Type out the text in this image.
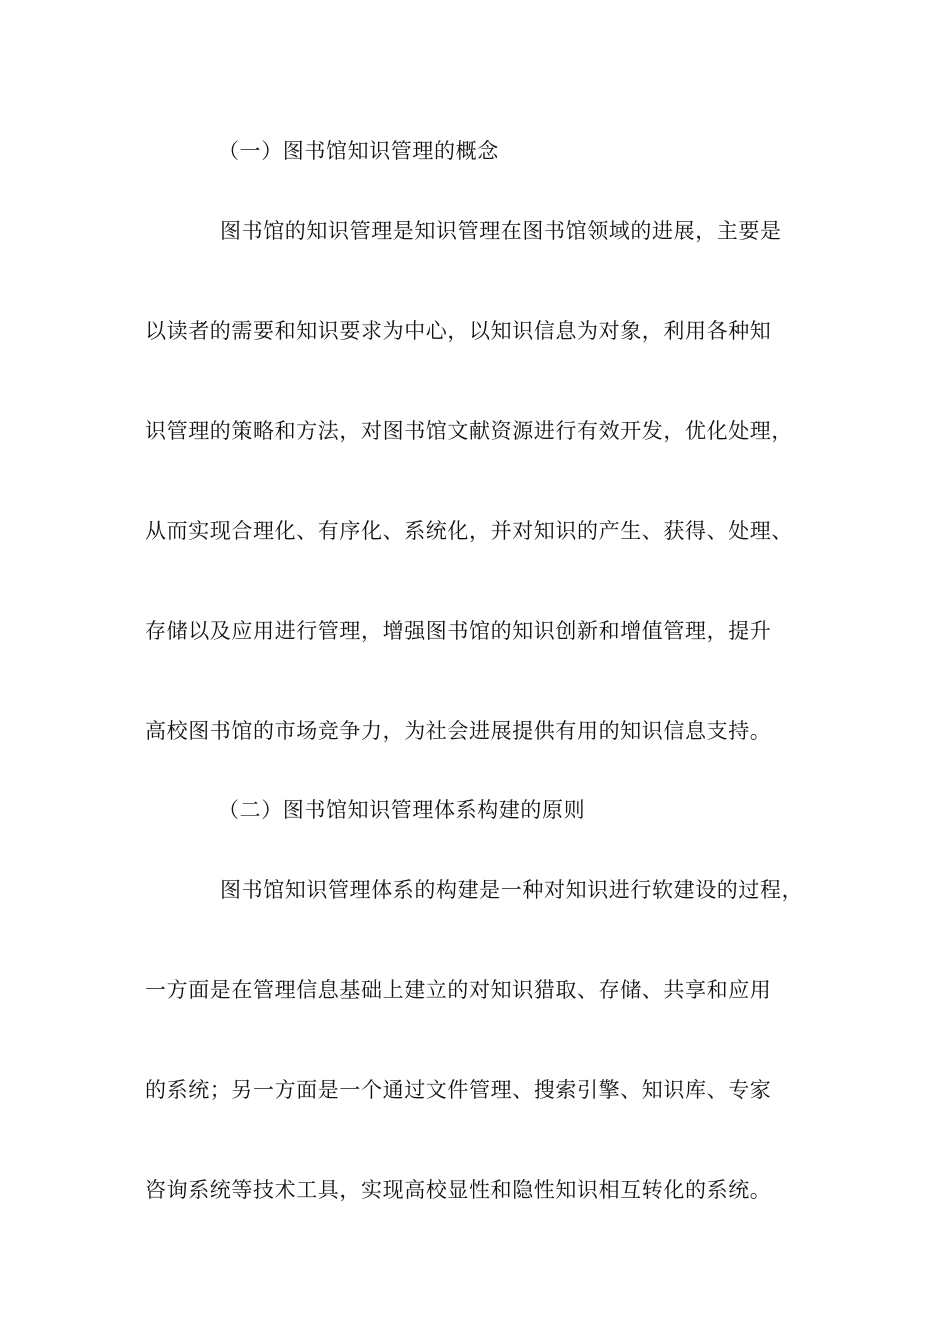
（一）图书馆知识管理的概念
图书馆的知识管理是知识管理在图书馆领域的进展，主要是
以读者的需要和知识要求为中心，以知识信息为对象，利用各种知
识管理的策略和方法，对图书馆文献资源进行有效开发，优化处理，
从而实现合理化、有序化、系统化，并对知识的产生、获得、处理、
存储以及应用进行管理，增强图书馆的知识创新和增值管理，提升
高校图书馆的市场竞争力，为社会进展提供有用的知识信息支持。
（二）图书馆知识管理体系构建的原则
图书馆知识管理体系的构建是一种对知识进行软建设的过程，
一方面是在管理信息基础上建立的对知识猎取、存储、共享和应用
的系统；另一方面是一个通过文件管理、搜索引擎、知识库、专家
咨询系统等技术工具，实现高校显性和隐性知识相互转化的系统。
